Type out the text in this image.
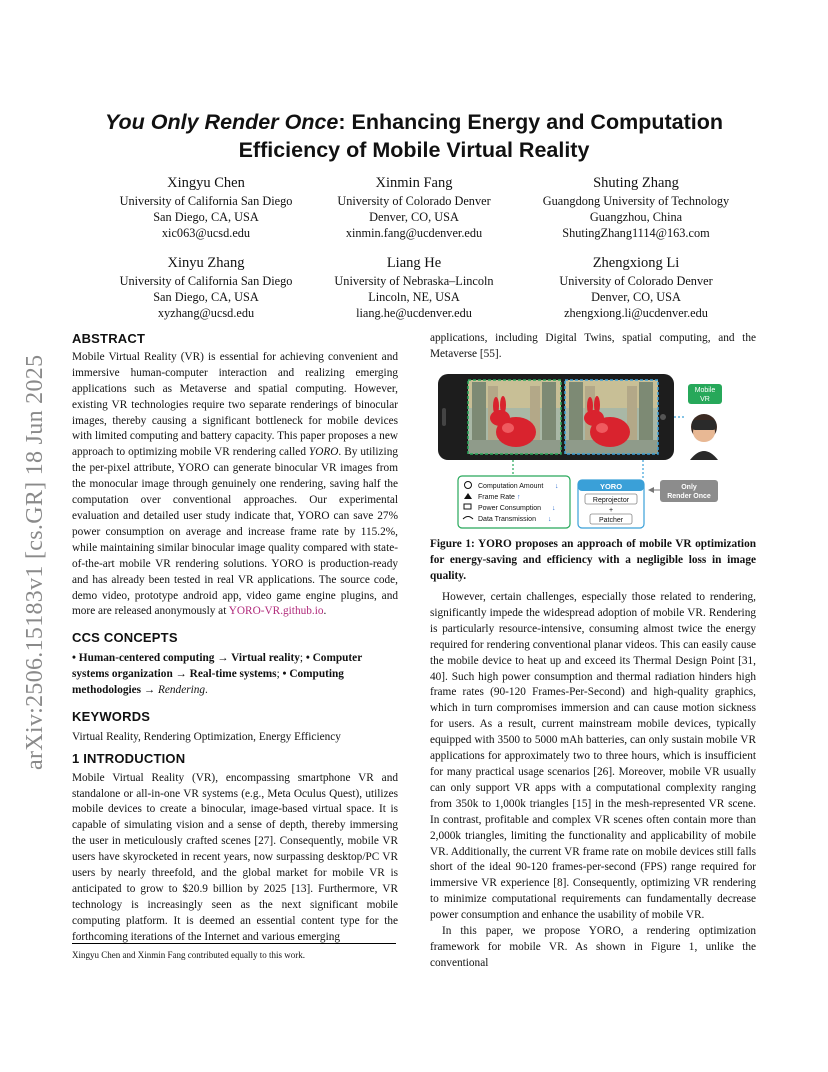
arXiv:2506.15183v1 [cs.GR] 18 Jun 2025
You Only Render Once: Enhancing Energy and Computation
Efficiency of Mobile Virtual Reality
Xingyu Chen
University of California San Diego
San Diego, CA, USA
xic063@ucsd.edu
Xinmin Fang
University of Colorado Denver
Denver, CO, USA
xinmin.fang@ucdenver.edu
Shuting Zhang
Guangdong University of Technology
Guangzhou, China
ShutingZhang1114@163.com
Xinyu Zhang
University of California San Diego
San Diego, CA, USA
xyzhang@ucsd.edu
Liang He
University of Nebraska–Lincoln
Lincoln, NE, USA
liang.he@ucdenver.edu
Zhengxiong Li
University of Colorado Denver
Denver, CO, USA
zhengxiong.li@ucdenver.edu

ABSTRACT

Mobile Virtual Reality (VR) is essential for achieving convenient and immersive human-computer interaction and realizing emerging applications such as Metaverse and spatial computing. However, existing VR technologies require two separate renderings of binocular images, thereby causing a significant bottleneck for mobile devices with limited computing and battery capacity. This paper proposes a new approach to optimizing mobile VR rendering called YORO. By utilizing the per-pixel attribute, YORO can generate binocular VR images from the monocular image through genuinely one rendering, saving half the computation over conventional approaches. Our experimental evaluation and detailed user study indicate that, YORO can save 27% power consumption on average and increase frame rate by 115.2%, while maintaining similar binocular image quality compared with state-of-the-art mobile VR rendering solutions. YORO is production-ready and has already been tested in real VR applications. The source code, demo video, prototype android app, video game engine plugins, and more are released anonymously at YORO-VR.github.io.

CCS CONCEPTS

• Human-centered computing → Virtual reality; • Computer systems organization → Real-time systems; • Computing methodologies → Rendering.

KEYWORDS

Virtual Reality, Rendering Optimization, Energy Efficiency

1 INTRODUCTION

Mobile Virtual Reality (VR), encompassing smartphone VR and standalone or all-in-one VR systems (e.g., Meta Oculus Quest), utilizes mobile devices to create a binocular, image-based virtual space. It is capable of simulating vision and a sense of depth, thereby immersing the user in meticulously crafted scenes [27]. Consequently, mobile VR users have skyrocketed in recent years, now surpassing desktop/PC VR users by nearly threefold, and the global market for mobile VR is anticipated to grow to $20.9 billion by 2025 [13]. Furthermore, VR technology is increasingly seen as the next significant mobile computing platform. It is deemed an essential content type for the forthcoming iterations of the Internet and various emerging

Xingyu Chen and Xinmin Fang contributed equally to this work.

applications, including Digital Twins, spatial computing, and the Metaverse [55].

Mobile
VR
Computation Amount ↓
Frame Rate ↑
Power Consumption ↓
Data Transmission ↓
YORO
Reprojector
+
Patcher
Only
Render Once
Figure 1: YORO proposes an approach of mobile VR optimization for energy-saving and efficiency with a negligible loss in image quality.

However, certain challenges, especially those related to rendering, significantly impede the widespread adoption of mobile VR. Rendering is particularly resource-intensive, consuming almost twice the energy required for rendering conventional planar videos. This can easily cause the mobile device to heat up and exceed its Thermal Design Point [31, 40]. Such high power consumption and thermal radiation hinders high frame rates (90-120 Frames-Per-Second) and high-quality graphics, which in turn compromises immersion and can cause motion sickness for users. As a result, current mainstream mobile devices, typically equipped with 3500 to 5000 mAh batteries, can only sustain mobile VR applications for approximately two to three hours, which is insufficient for many practical usage scenarios [26]. Moreover, mobile VR usually can only support VR apps with a computational complexity ranging from 350k to 1,000k triangles [15] in the mesh-represented VR scene. In contrast, profitable and complex VR scenes often contain more than 2,000k triangles, limiting the functionality and applicability of mobile VR. Additionally, the current VR frame rate on mobile devices still falls short of the ideal 90-120 frames-per-second (FPS) range required for immersive VR experience [8]. Consequently, optimizing VR rendering to minimize computational requirements can fundamentally decrease power consumption and enhance the usability of mobile VR.

In this paper, we propose YORO, a rendering optimization framework for mobile VR. As shown in Figure 1, unlike the conventional
